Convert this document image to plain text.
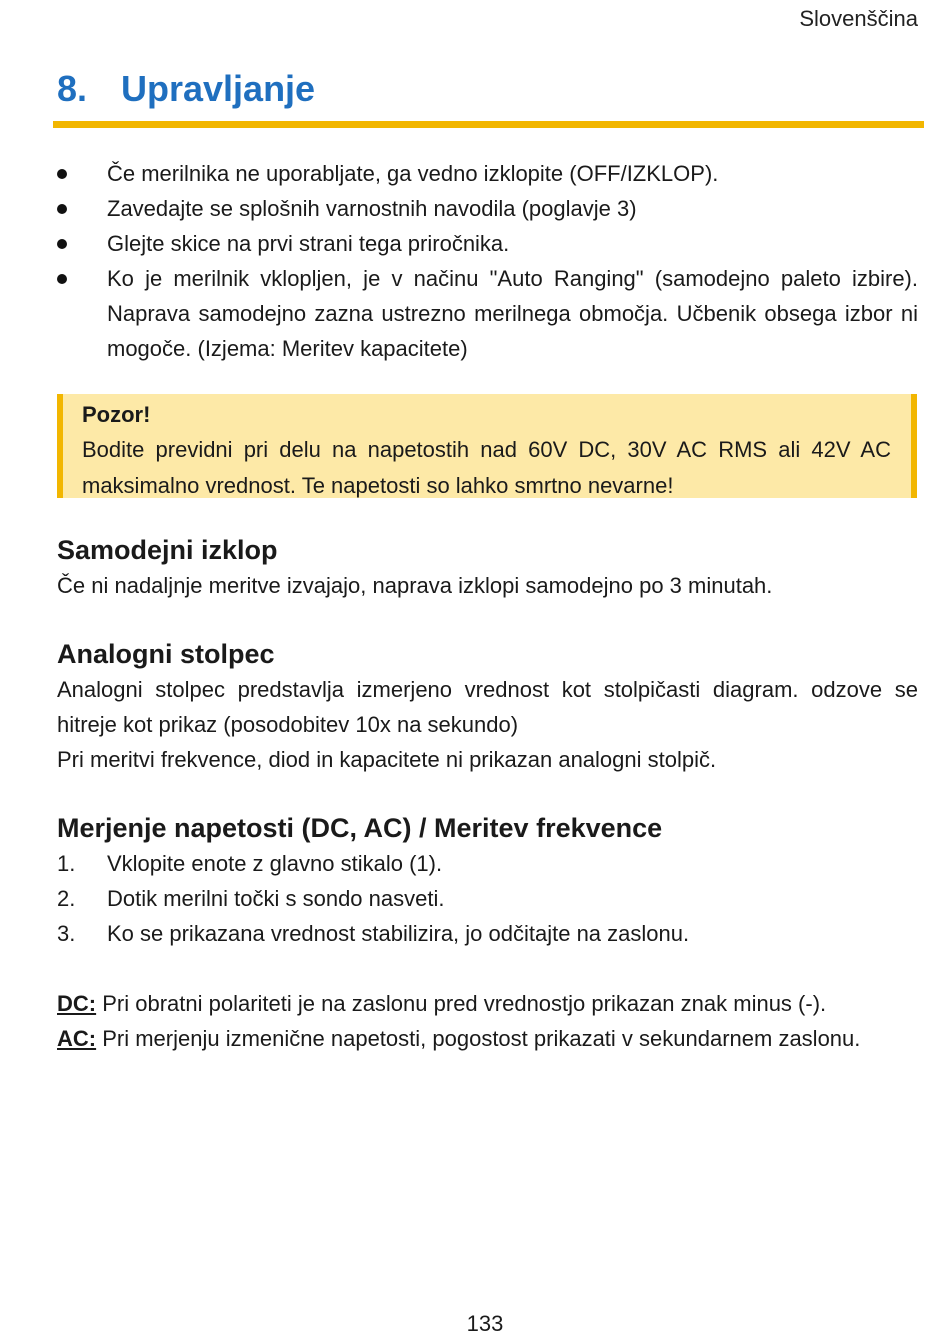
Slovenščina
8. Upravljanje
Če merilnika ne uporabljate, ga vedno izklopite (OFF/IZKLOP).
Zavedajte se splošnih varnostnih navodila (poglavje 3)
Glejte skice na prvi strani tega priročnika.
Ko je merilnik vklopljen, je v načinu "Auto Ranging" (samodejno paleto izbire). Naprava samodejno zazna ustrezno merilnega območja. Učbenik obsega izbor ni mogoče. (Izjema: Meritev kapacitete)
Pozor!
Bodite previdni pri delu na napetostih nad 60V DC, 30V AC RMS ali 42V AC maksimalno vrednost. Te napetosti so lahko smrtno nevarne!
Samodejni izklop

Če ni nadaljnje meritve izvajajo, naprava izklopi samodejno po 3 minutah.

Analogni stolpec

Analogni stolpec predstavlja izmerjeno vrednost kot stolpičasti diagram. odzove se hitreje kot prikaz (posodobitev 10x na sekundo)

Pri meritvi frekvence, diod in kapacitete ni prikazan analogni stolpič.

Merjenje napetosti (DC, AC) / Meritev frekvence
1. Vklopite enote z glavno stikalo (1).
2. Dotik merilni točki s sondo nasveti.
3. Ko se prikazana vrednost stabilizira, jo odčitajte na zaslonu.

DC: Pri obratni polariteti je na zaslonu pred vrednostjo prikazan znak minus (-).

AC: Pri merjenju izmenične napetosti, pogostost prikazati v sekundarnem zaslonu.

133
